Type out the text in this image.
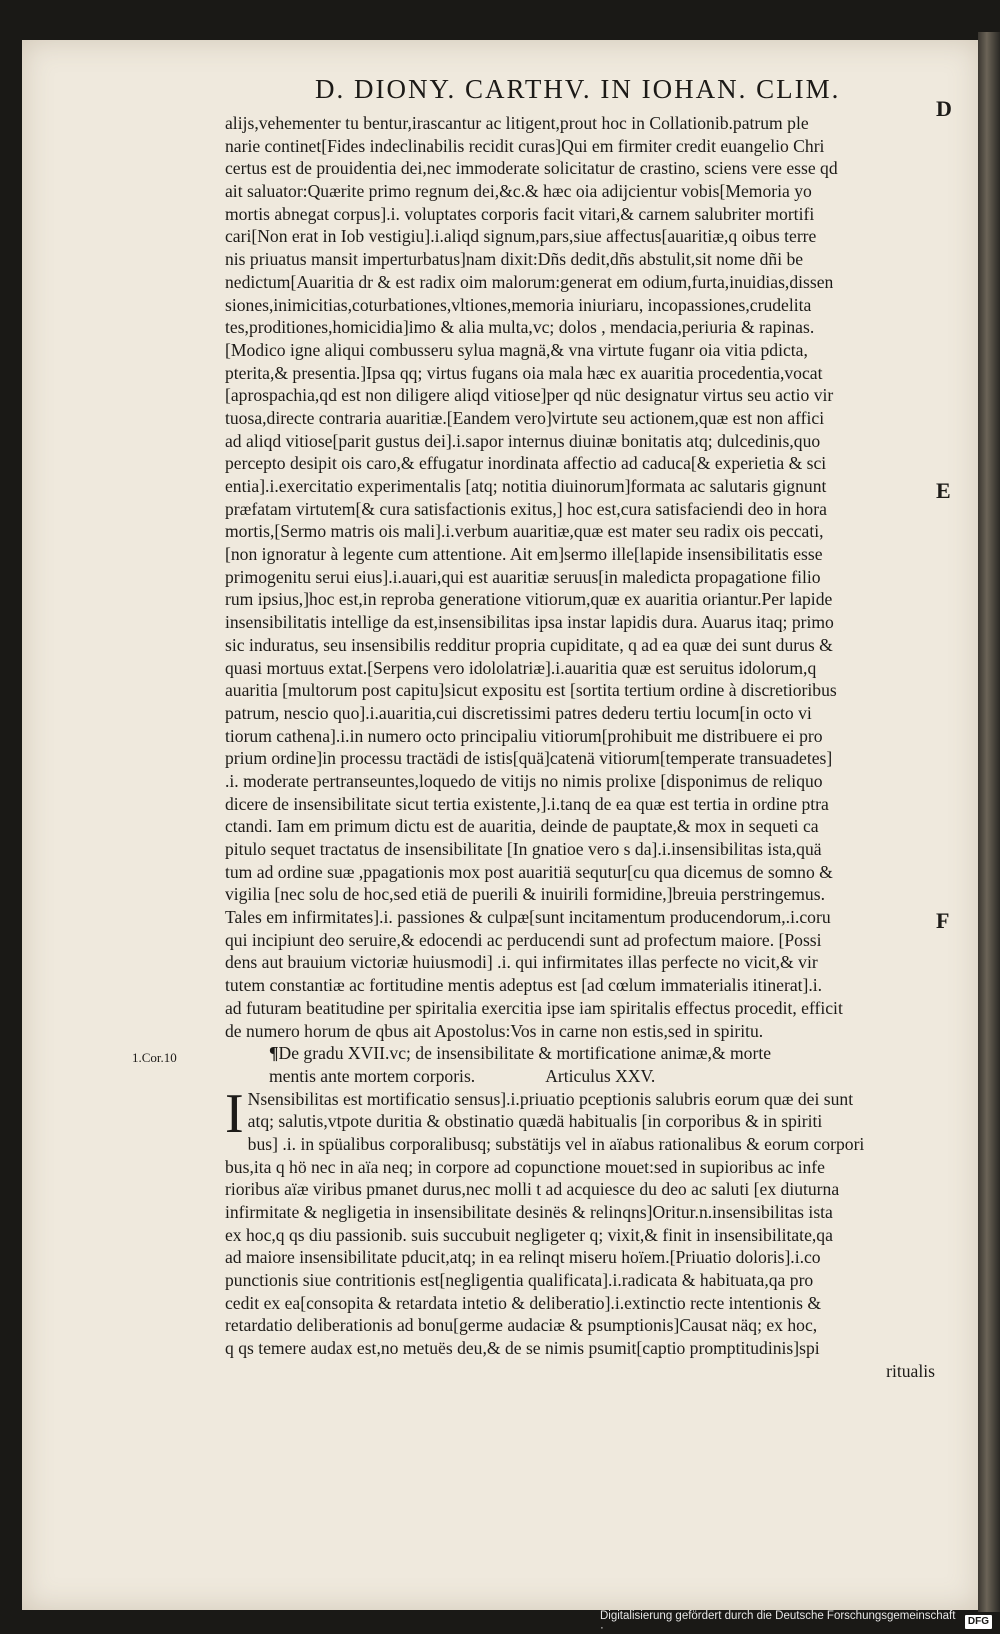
D. DIONY. CARTHV. IN IOHAN. CLIM.
D
E
F
1.Cor.10
alijs,vehementer tu bentur,irascantur ac litigent,prout hoc in Collationib.patrum ple
narie continet[Fides indeclinabilis recidit curas]Qui em firmiter credit euangelio Chri
certus est de prouidentia dei,nec immoderate solicitatur de crastino, sciens vere esse qd
ait saluator:Quærite primo regnum dei,&c.& hæc oia adijcientur vobis[Memoria yo
mortis abnegat corpus].i. voluptates corporis facit vitari,& carnem salubriter mortifi
cari[Non erat in Iob vestigiu].i.aliqd signum,pars,siue affectus[auaritiæ,q oibus terre
nis priuatus mansit imperturbatus]nam dixit:Dñs dedit,dñs abstulit,sit nome dñi be
nedictum[Auaritia dr & est radix oim malorum:generat em odium,furta,inuidias,dissen
siones,inimicitias,coturbationes,vltiones,memoria iniuriaru, incopassiones,crudelita
tes,proditiones,homicidia]imo & alia multa,vc; dolos , mendacia,periuria & rapinas.
[Modico igne aliqui combusseru sylua magnä,& vna virtute fuganr oia vitia pdicta,
pterita,& presentia.]Ipsa qq; virtus fugans oia mala hæc ex auaritia procedentia,vocat
[aprospachia,qd est non diligere aliqd vitiose]per qd nüc designatur virtus seu actio vir
tuosa,directe contraria auaritiæ.[Eandem vero]virtute seu actionem,quæ est non affici
ad aliqd vitiose[parit gustus dei].i.sapor internus diuinæ bonitatis atq; dulcedinis,quo
percepto desipit ois caro,& effugatur inordinata affectio ad caduca[& experietia & sci
entia].i.exercitatio experimentalis [atq; notitia diuinorum]formata ac salutaris gignunt
præfatam virtutem[& cura satisfactionis exitus,] hoc est,cura satisfaciendi deo in hora
mortis,[Sermo matris ois mali].i.verbum auaritiæ,quæ est mater seu radix ois peccati,
[non ignoratur à legente cum attentione. Ait em]sermo ille[lapide insensibilitatis esse
primogenitu serui eius].i.auari,qui est auaritiæ seruus[in maledicta propagatione filio
rum ipsius,]hoc est,in reproba generatione vitiorum,quæ ex auaritia oriantur.Per lapide
insensibilitatis intellige da est,insensibilitas ipsa instar lapidis dura. Auarus itaq; primo
sic induratus, seu insensibilis redditur propria cupiditate, q ad ea quæ dei sunt durus &
quasi mortuus extat.[Serpens vero idololatriæ].i.auaritia quæ est seruitus idolorum,q
auaritia [multorum post capitu]sicut expositu est [sortita tertium ordine à discretioribus
patrum, nescio quo].i.auaritia,cui discretissimi patres dederu tertiu locum[in octo vi
tiorum cathena].i.in numero octo principaliu vitiorum[prohibuit me distribuere ei pro
prium ordine]in processu tractädi de istis[quä]catenä vitiorum[temperate transuadetes]
.i. moderate pertranseuntes,loquedo de vitijs no nimis prolixe [disponimus de reliquo
dicere de insensibilitate sicut tertia existente,].i.tanq de ea quæ est tertia in ordine ptra
ctandi. Iam em primum dictu est de auaritia, deinde de pauptate,& mox in sequeti ca
pitulo sequet tractatus de insensibilitate [In gnatioe vero s da].i.insensibilitas ista,quä
tum ad ordine suæ ,ppagationis mox post auaritiä sequtur[cu qua dicemus de somno &
vigilia [nec solu de hoc,sed etiä de puerili & inuirili formidine,]breuia perstringemus.
Tales em infirmitates].i. passiones & culpæ[sunt incitamentum producendorum,.i.coru
qui incipiunt deo seruire,& edocendi ac perducendi sunt ad profectum maiore. [Possi
dens aut brauium victoriæ huiusmodi] .i. qui infirmitates illas perfecte no vicit,& vir
tutem constantiæ ac fortitudine mentis adeptus est [ad cœlum immaterialis itinerat].i.
ad futuram beatitudine per spiritalia exercitia ipse iam spiritalis effectus procedit, efficit
de numero horum de qbus ait Apostolus:Vos in carne non estis,sed in spiritu.
¶De gradu XVII.vc; de insensibilitate & mortificatione animæ,& morte
mentis ante mortem corporis.	Articulus XXV.
I Nsensibilitas est mortificatio sensus].i.priuatio pceptionis salubris eorum quæ dei sunt
atq; salutis,vtpote duritia & obstinatio quædä habitualis [in corporibus & in spiriti
bus] .i. in spüalibus corporalibusq; substätijs vel in aïabus rationalibus & eorum corpori
bus,ita q hö nec in aïa neq; in corpore ad copunctione mouet:sed in supioribus ac infe
rioribus aïæ viribus pmanet durus,nec molli t ad acquiesce du deo ac saluti [ex diuturna
infirmitate & negligetia in insensibilitate desinës & relinqns]Oritur.n.insensibilitas ista
ex hoc,q qs diu passionib. suis succubuit negligeter q; vixit,& finit in insensibilitate,qa
ad maiore insensibilitate pducit,atq; in ea relinqt miseru hoïem.[Priuatio doloris].i.co
punctionis siue contritionis est[negligentia qualificata].i.radicata & habituata,qa pro
cedit ex ea[consopita & retardata intetio & deliberatio].i.extinctio recte intentionis &
retardatio deliberationis ad bonu[germe audaciæ & psumptionis]Causat näq; ex hoc,
q qs temere audax est,no metuës deu,& de se nimis psumit[captio promptitudinis]spi
ritualis
Digitalisierung gefördert durch die Deutsche Forschungsgemeinschaft ·
DFG
